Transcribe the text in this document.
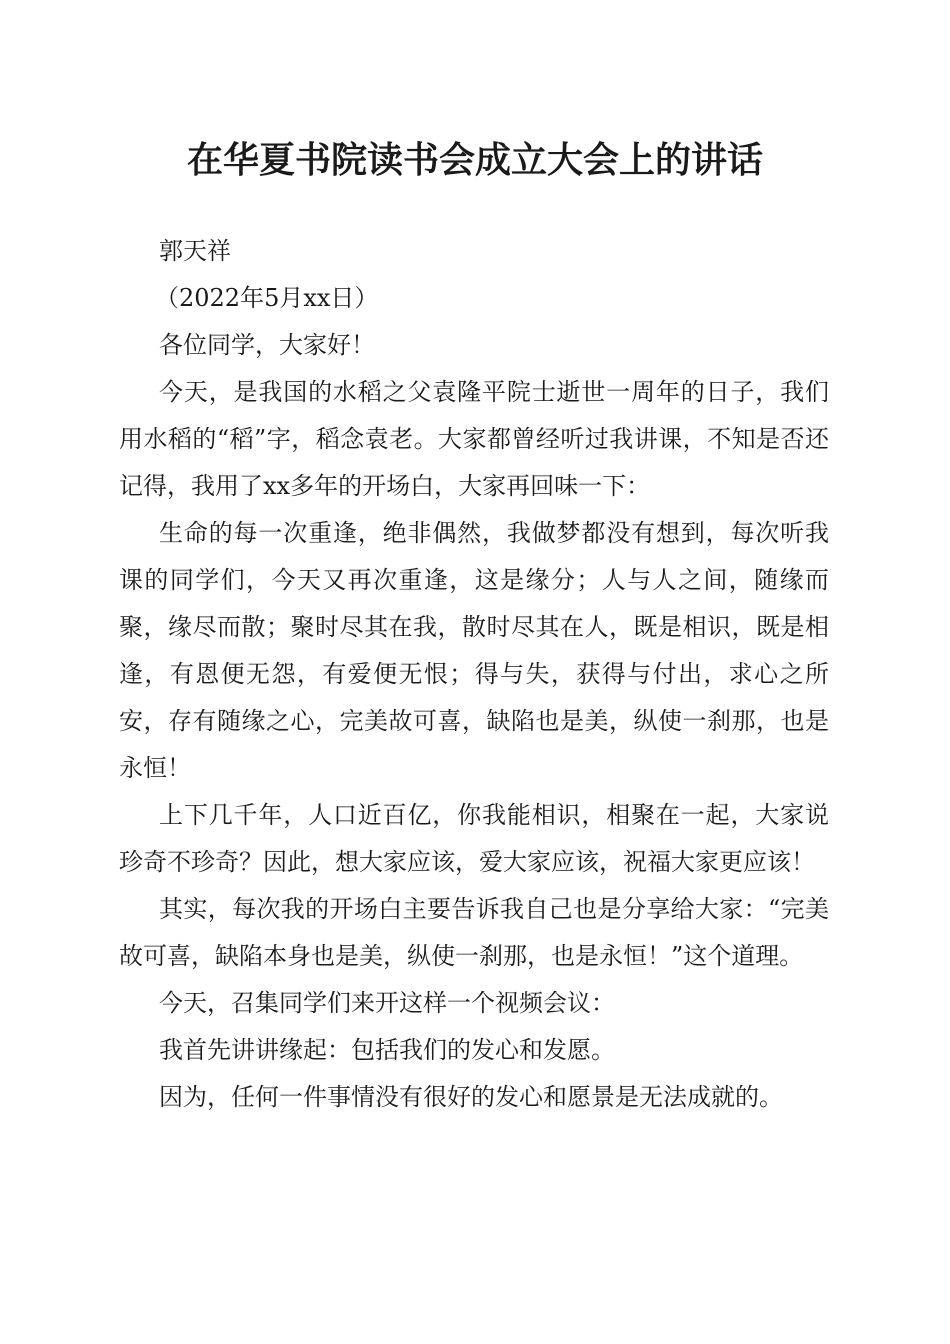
在华夏书院读书会成立大会上的讲话

郭天祥

（2022年5月xx日）

各位同学，大家好！

今天，是我国的水稻之父袁隆平院士逝世一周年的日子，我们用水稻的“稻”字，稻念袁老。大家都曾经听过我讲课，不知是否还记得，我用了xx多年的开场白，大家再回味一下：

生命的每一次重逢，绝非偶然，我做梦都没有想到，每次听我课的同学们，今天又再次重逢，这是缘分；人与人之间，随缘而聚，缘尽而散；聚时尽其在我，散时尽其在人，既是相识，既是相逢，有恩便无怨，有爱便无恨；得与失，获得与付出，求心之所安，存有随缘之心，完美故可喜，缺陷也是美，纵使一刹那，也是永恒！

上下几千年，人口近百亿，你我能相识，相聚在一起，大家说珍奇不珍奇？因此，想大家应该，爱大家应该，祝福大家更应该！

其实，每次我的开场白主要告诉我自己也是分享给大家：“完美故可喜，缺陷本身也是美，纵使一刹那，也是永恒！”这个道理。

今天，召集同学们来开这样一个视频会议：

我首先讲讲缘起：包括我们的发心和发愿。

因为，任何一件事情没有很好的发心和愿景是无法成就的。
